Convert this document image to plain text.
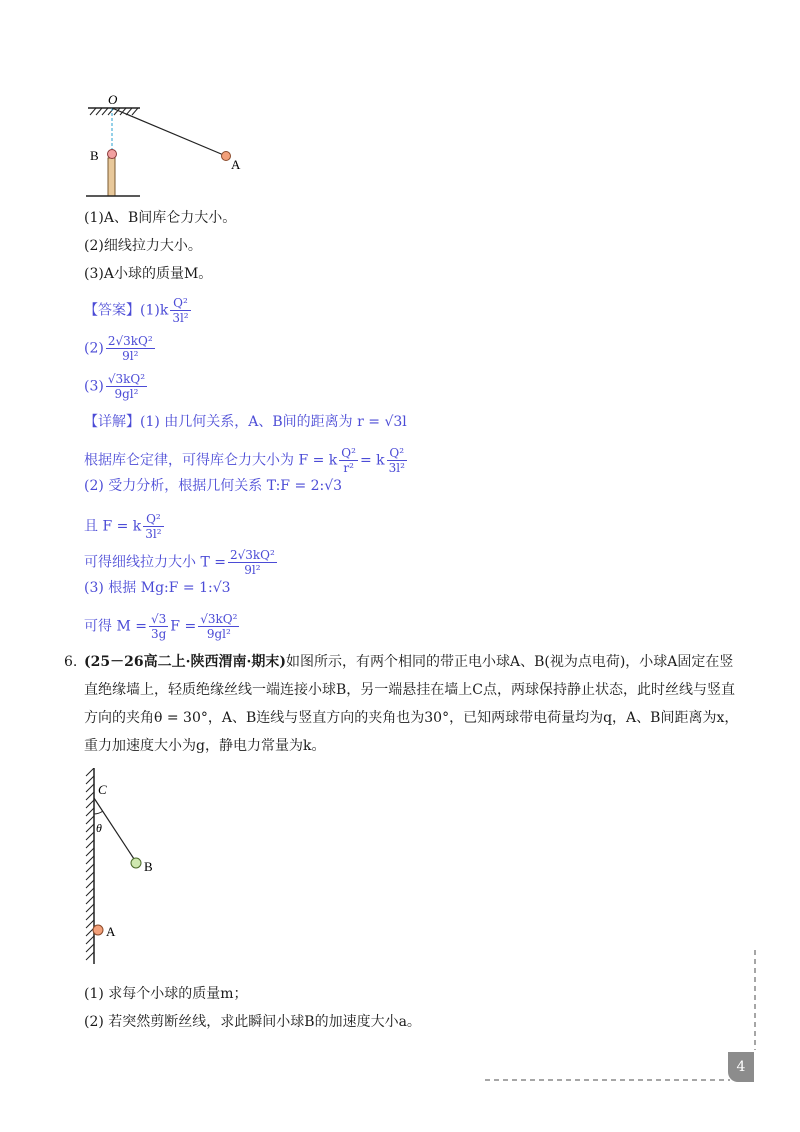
O
B
A
(1)A、B间库仑力大小。
(2)细线拉力大小。
(3)A小球的质量M。
【答案】$(1)k \frac{\text{Q²}}{\text{3l²}}$
$(2) \frac{\text{2√3kQ²}}{\text{9l²}}$
$(3) \frac{\text{√3kQ²}}{\text{9gl²}}$
【详解】(1) 由几何关系，A、B间的距离为 r = √3l
根据库仑定律，可得库仑力大小为 F = k $\frac{\text{Q²}}{\text{r²}} = k \frac{\text{Q²}}{\text{3l²}}$
(2) 受力分析，根据几何关系 T:F = 2:√3
且 F = k $\frac{\text{Q²}}{\text{3l²}}$
可得细线拉力大小 $T = \frac{\text{2√3kQ²}}{\text{9l²}}$
(3) 根据 Mg:F = 1:√3
可得 $M = \frac{√3}{3g}$ $F = \frac{\text{√3kQ²}}{\text{9gl²}}$
6. (25－26高二上·陕西渭南·期末)如图所示，有两个相同的带正电小球A、B(视为点电荷)，小球A固定在竖直绝缘墙上，轻质绝缘丝线一端连接小球B，另一端悬挂在墙上C点，两球保持静止状态，此时丝线与竖直方向的夹角θ = 30°，A、B连线与竖直方向的夹角也为30°，已知两球带电荷量均为q，A、B间距离为x，重力加速度大小为g，静电力常量为k。
C
θ
B
A
(1) 求每个小球的质量m；
(2) 若突然剪断丝线，求此瞬间小球B的加速度大小a。
4
